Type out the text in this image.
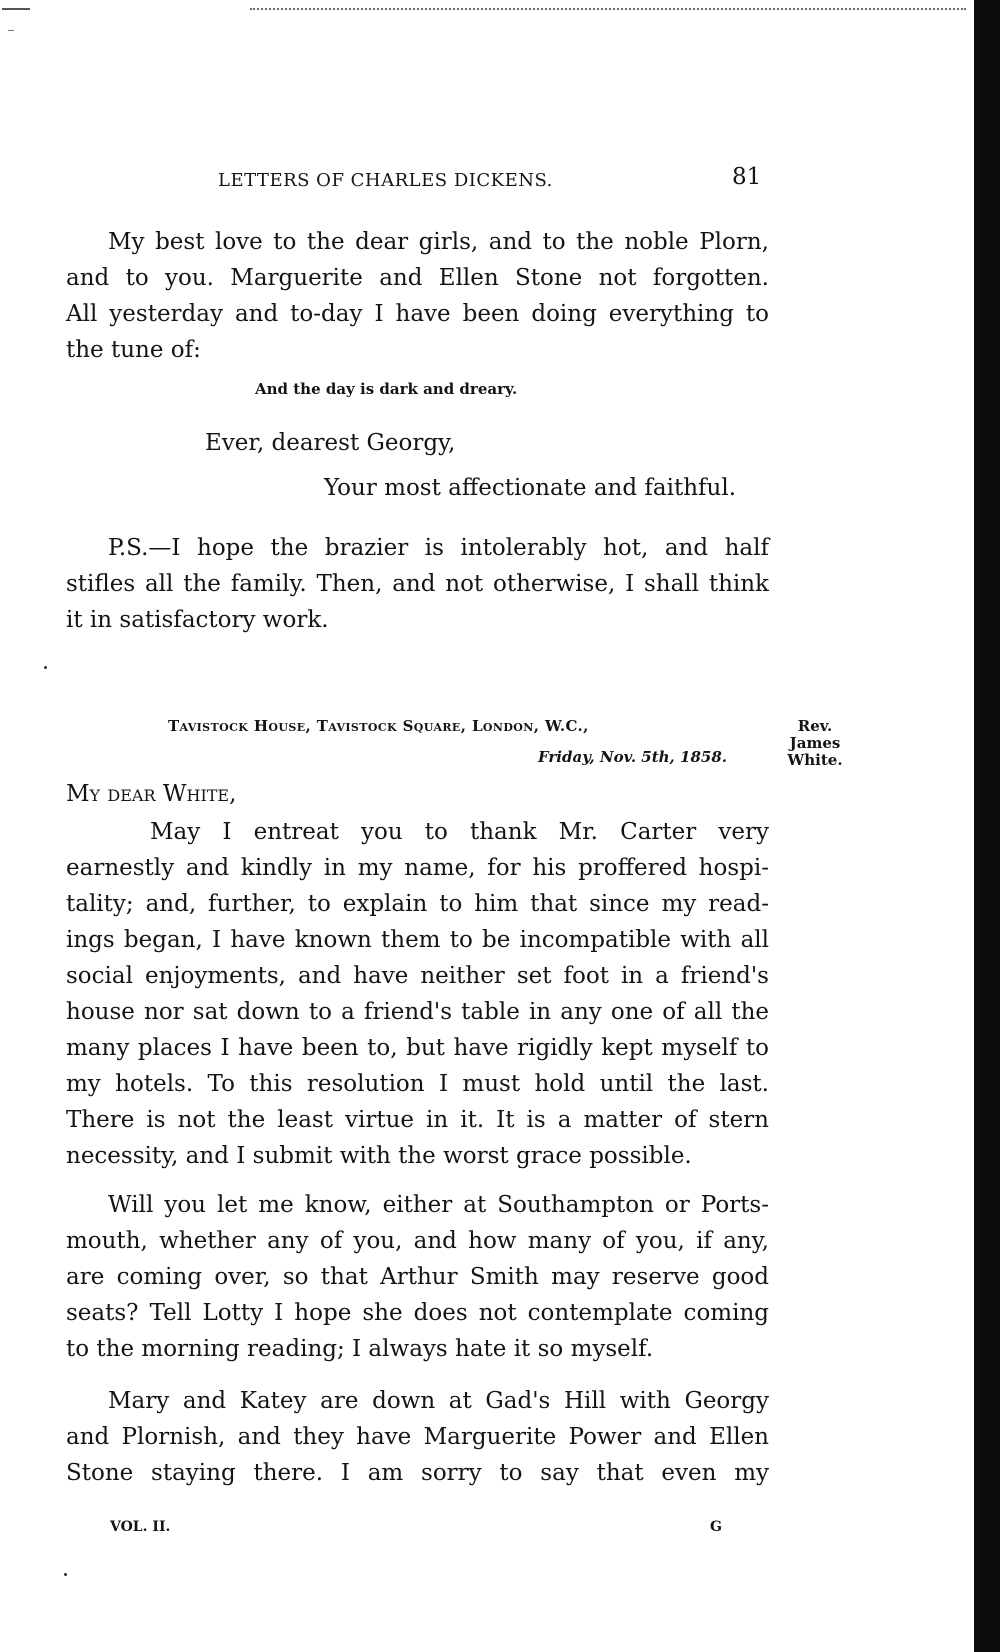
LETTERS OF CHARLES DICKENS.	81
My best love to the dear girls, and to the noble Plorn,
and to you. Marguerite and Ellen Stone not forgotten.
All yesterday and to-day I have been doing everything to
the tune of:
And the day is dark and dreary.
Ever, dearest Georgy,
Your most affectionate and faithful.
P.S.—I hope the brazier is intolerably hot, and half
stifles all the family. Then, and not otherwise, I shall think
it in satisfactory work.
Tavistock House, Tavistock Square, London, W.C.,
Friday, Nov. 5th, 1858.
Rev.
James
White.
My dear White,
May I entreat you to thank Mr. Carter very
earnestly and kindly in my name, for his proffered hospi-
tality; and, further, to explain to him that since my read-
ings began, I have known them to be incompatible with all
social enjoyments, and have neither set foot in a friend's
house nor sat down to a friend's table in any one of all the
many places I have been to, but have rigidly kept myself to
my hotels. To this resolution I must hold until the last.
There is not the least virtue in it. It is a matter of stern
necessity, and I submit with the worst grace possible.
Will you let me know, either at Southampton or Ports-
mouth, whether any of you, and how many of you, if any,
are coming over, so that Arthur Smith may reserve good
seats? Tell Lotty I hope she does not contemplate coming
to the morning reading; I always hate it so myself.
Mary and Katey are down at Gad's Hill with Georgy
and Plornish, and they have Marguerite Power and Ellen
Stone staying there. I am sorry to say that even my
VOL. II.	G
